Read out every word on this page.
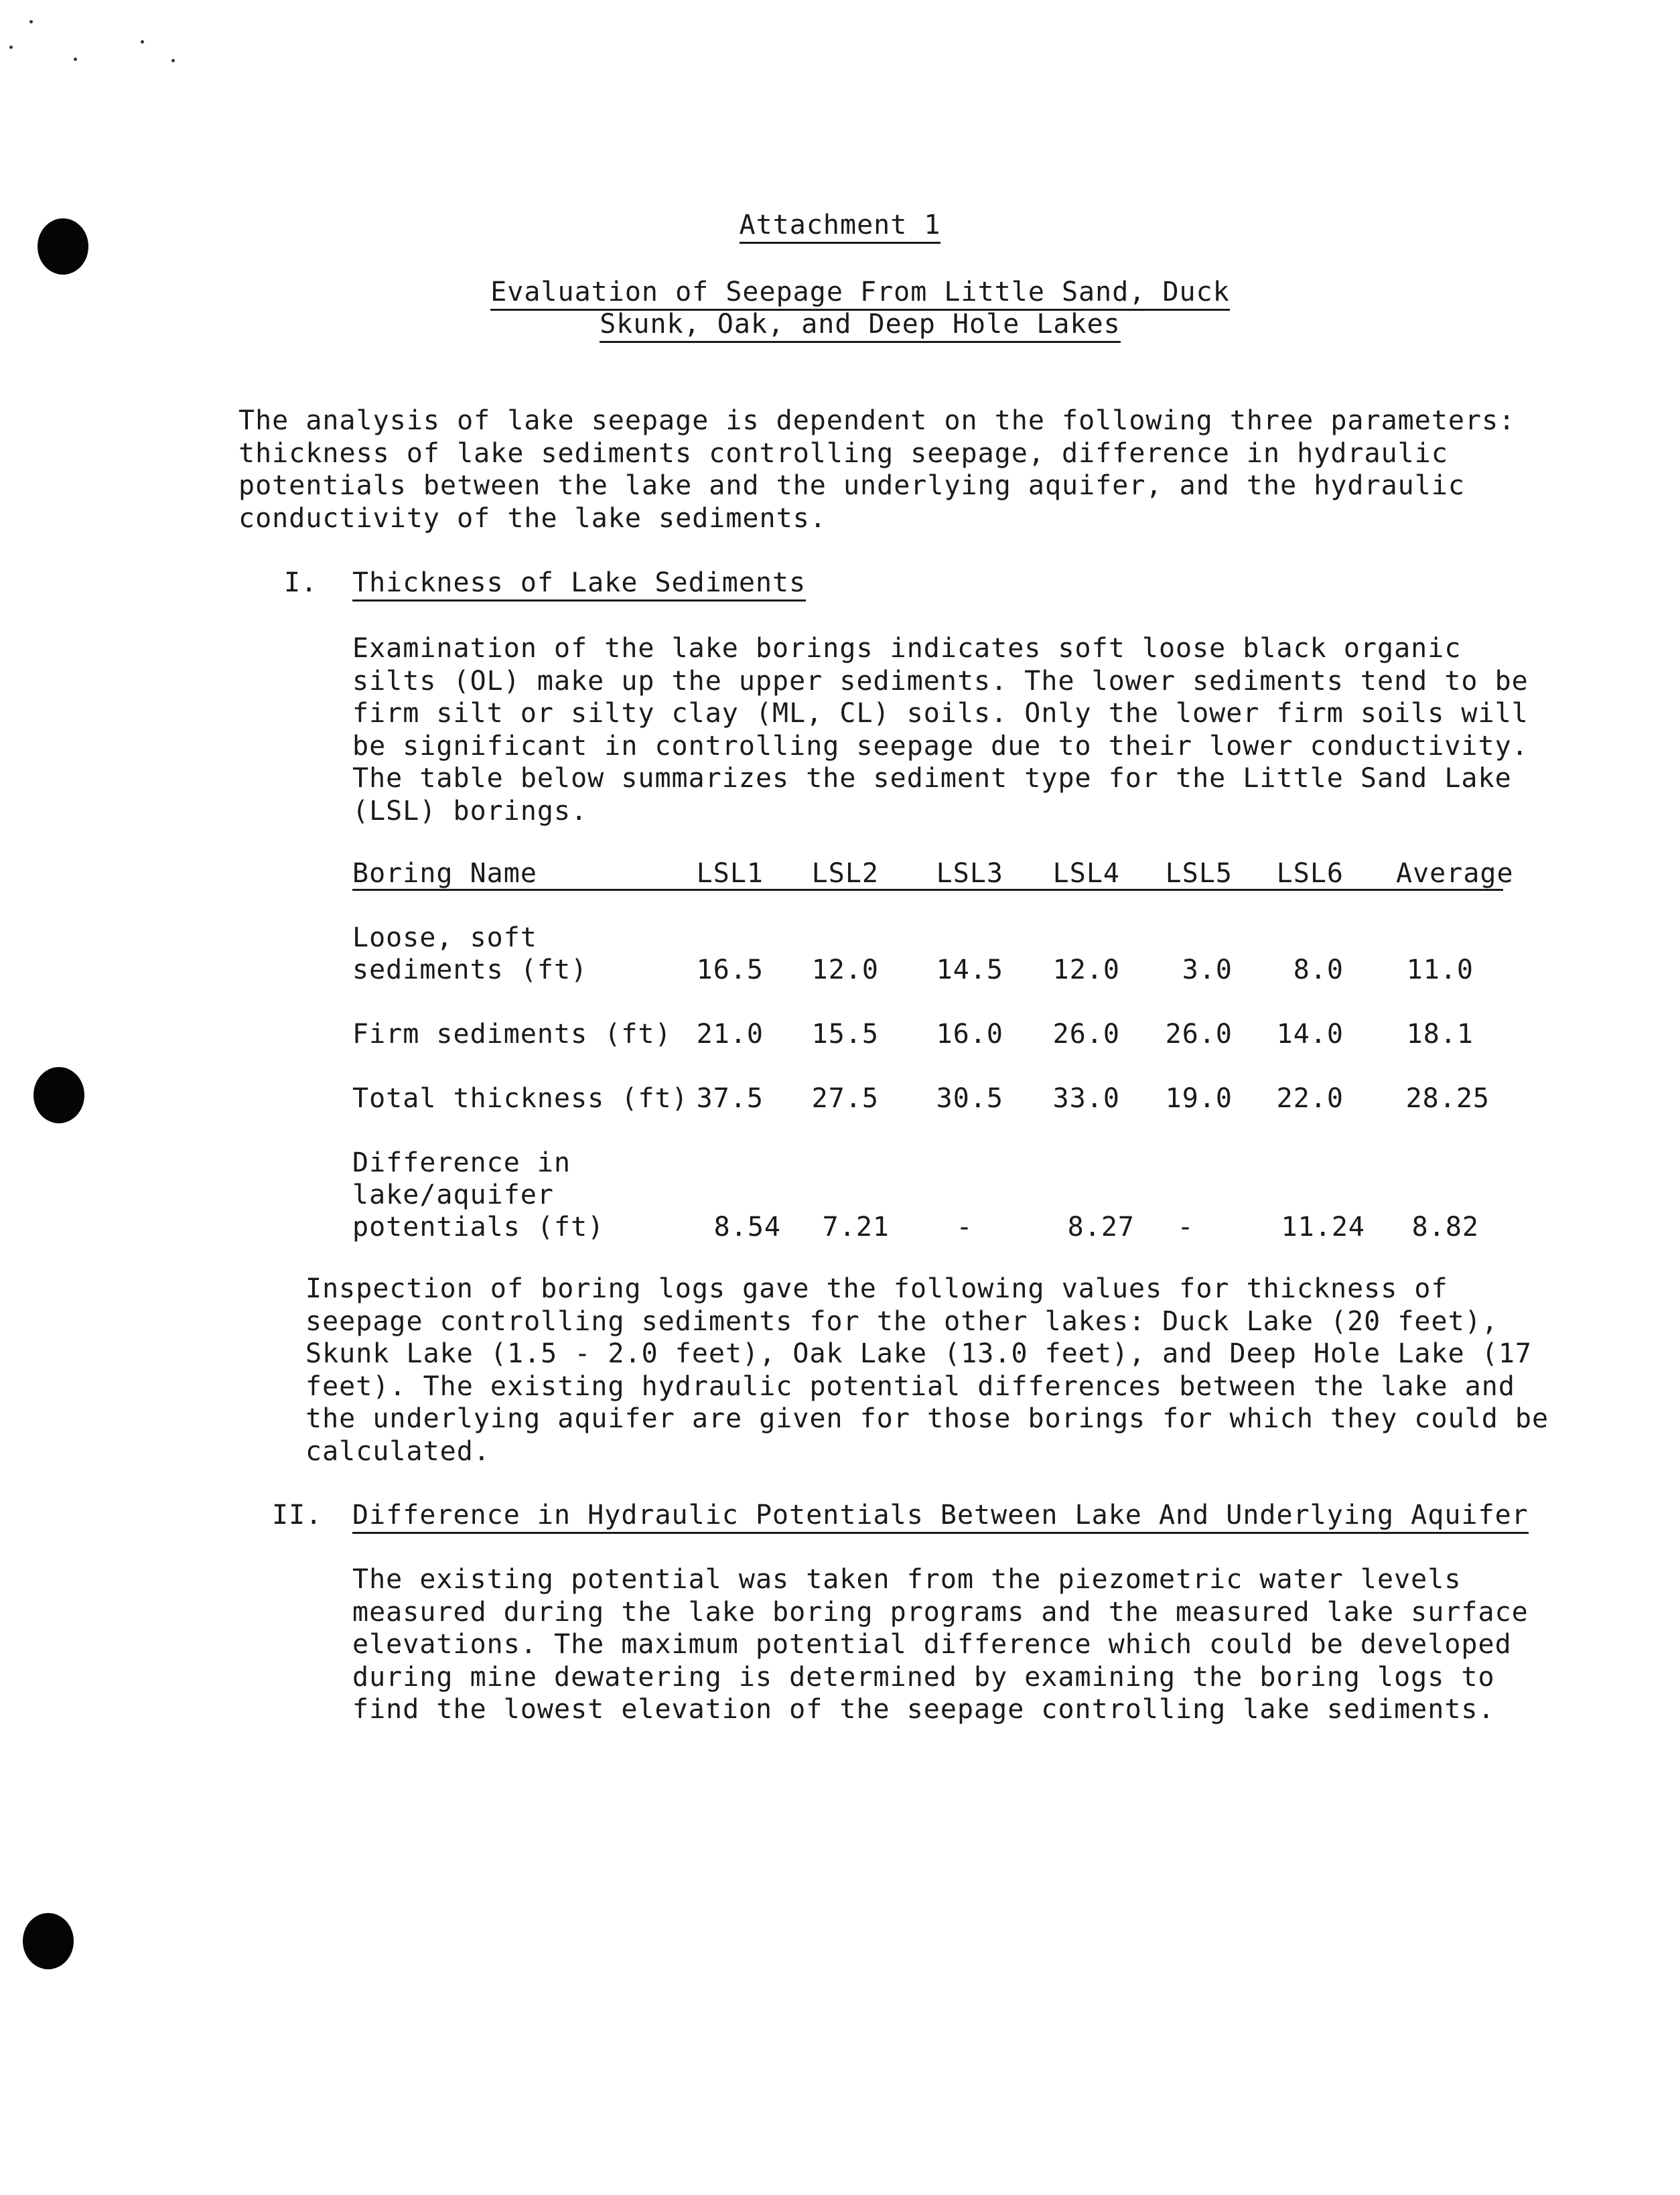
Attachment 1
Evaluation of Seepage From Little Sand, Duck
Skunk, Oak, and Deep Hole Lakes
The analysis of lake seepage is dependent on the following three parameters:
thickness of lake sediments controlling seepage, difference in hydraulic
potentials between the lake and the underlying aquifer, and the hydraulic
conductivity of the lake sediments.
I. Thickness of Lake Sediments
Examination of the lake borings indicates soft loose black organic
silts (OL) make up the upper sediments. The lower sediments tend to be
firm silt or silty clay (ML, CL) soils. Only the lower firm soils will
be significant in controlling seepage due to their lower conductivity.
The table below summarizes the sediment type for the Little Sand Lake
(LSL) borings.
Boring Name	LSL1	LSL2	LSL3	LSL4	LSL5	LSL6 Average
Loose, soft
sediments (ft)	16.5	12.0	14.5	12.0	3.0	8.0	11.0
Firm sediments (ft) 21.0	15.5	16.0	26.0	26.0	14.0	18.1
Total thickness (ft) 37.5	27.5	30.5	33.0	19.0	22.0	28.25
Difference in
lake/aquifer
potentials (ft)	8.54	7.21	-	8.27	-	11.24	8.82
Inspection of boring logs gave the following values for thickness of
seepage controlling sediments for the other lakes: Duck Lake (20 feet),
Skunk Lake (1.5 - 2.0 feet), Oak Lake (13.0 feet), and Deep Hole Lake (17
feet). The existing hydraulic potential differences between the lake and
the underlying aquifer are given for those borings for which they could be
calculated.
II. Difference in Hydraulic Potentials Between Lake And Underlying Aquifer
The existing potential was taken from the piezometric water levels
measured during the lake boring programs and the measured lake surface
elevations. The maximum potential difference which could be developed
during mine dewatering is determined by examining the boring logs to
find the lowest elevation of the seepage controlling lake sediments.
